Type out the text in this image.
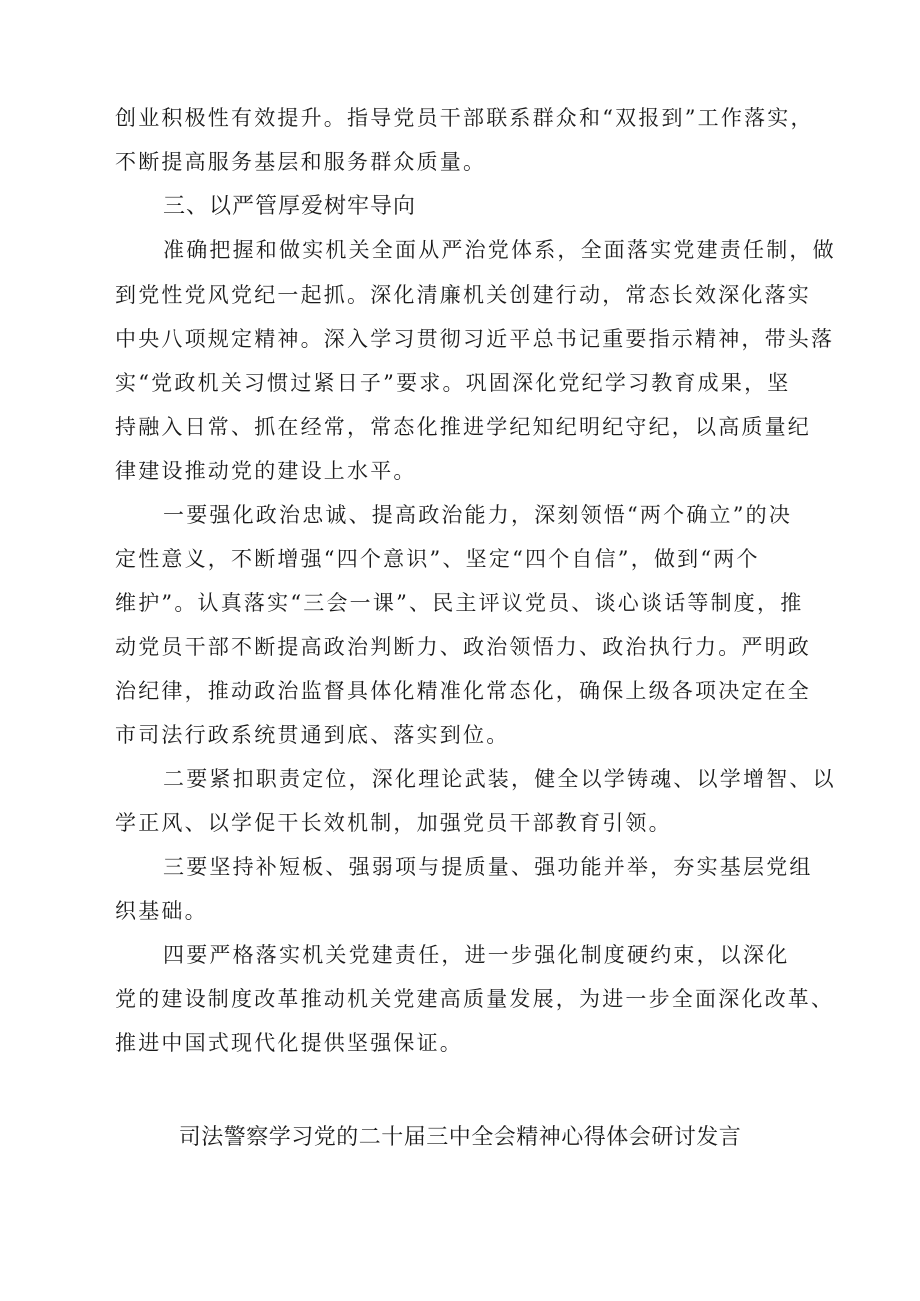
创业积极性有效提升。指导党员干部联系群众和“双报到”工作落实，
不断提高服务基层和服务群众质量。
三、以严管厚爱树牢导向
准确把握和做实机关全面从严治党体系，全面落实党建责任制，做
到党性党风党纪一起抓。深化清廉机关创建行动，常态长效深化落实
中央八项规定精神。深入学习贯彻习近平总书记重要指示精神，带头落
实“党政机关习惯过紧日子”要求。巩固深化党纪学习教育成果，坚
持融入日常、抓在经常，常态化推进学纪知纪明纪守纪，以高质量纪
律建设推动党的建设上水平。
一要强化政治忠诚、提高政治能力，深刻领悟“两个确立”的决
定性意义，不断增强“四个意识”、坚定“四个自信”，做到“两个
维护”。认真落实“三会一课”、民主评议党员、谈心谈话等制度，推
动党员干部不断提高政治判断力、政治领悟力、政治执行力。严明政
治纪律，推动政治监督具体化精准化常态化，确保上级各项决定在全
市司法行政系统贯通到底、落实到位。
二要紧扣职责定位，深化理论武装，健全以学铸魂、以学增智、以
学正风、以学促干长效机制，加强党员干部教育引领。
三要坚持补短板、强弱项与提质量、强功能并举，夯实基层党组
织基础。
四要严格落实机关党建责任，进一步强化制度硬约束，以深化
党的建设制度改革推动机关党建高质量发展，为进一步全面深化改革、
推进中国式现代化提供坚强保证。
司法警察学习党的二十届三中全会精神心得体会研讨发言
